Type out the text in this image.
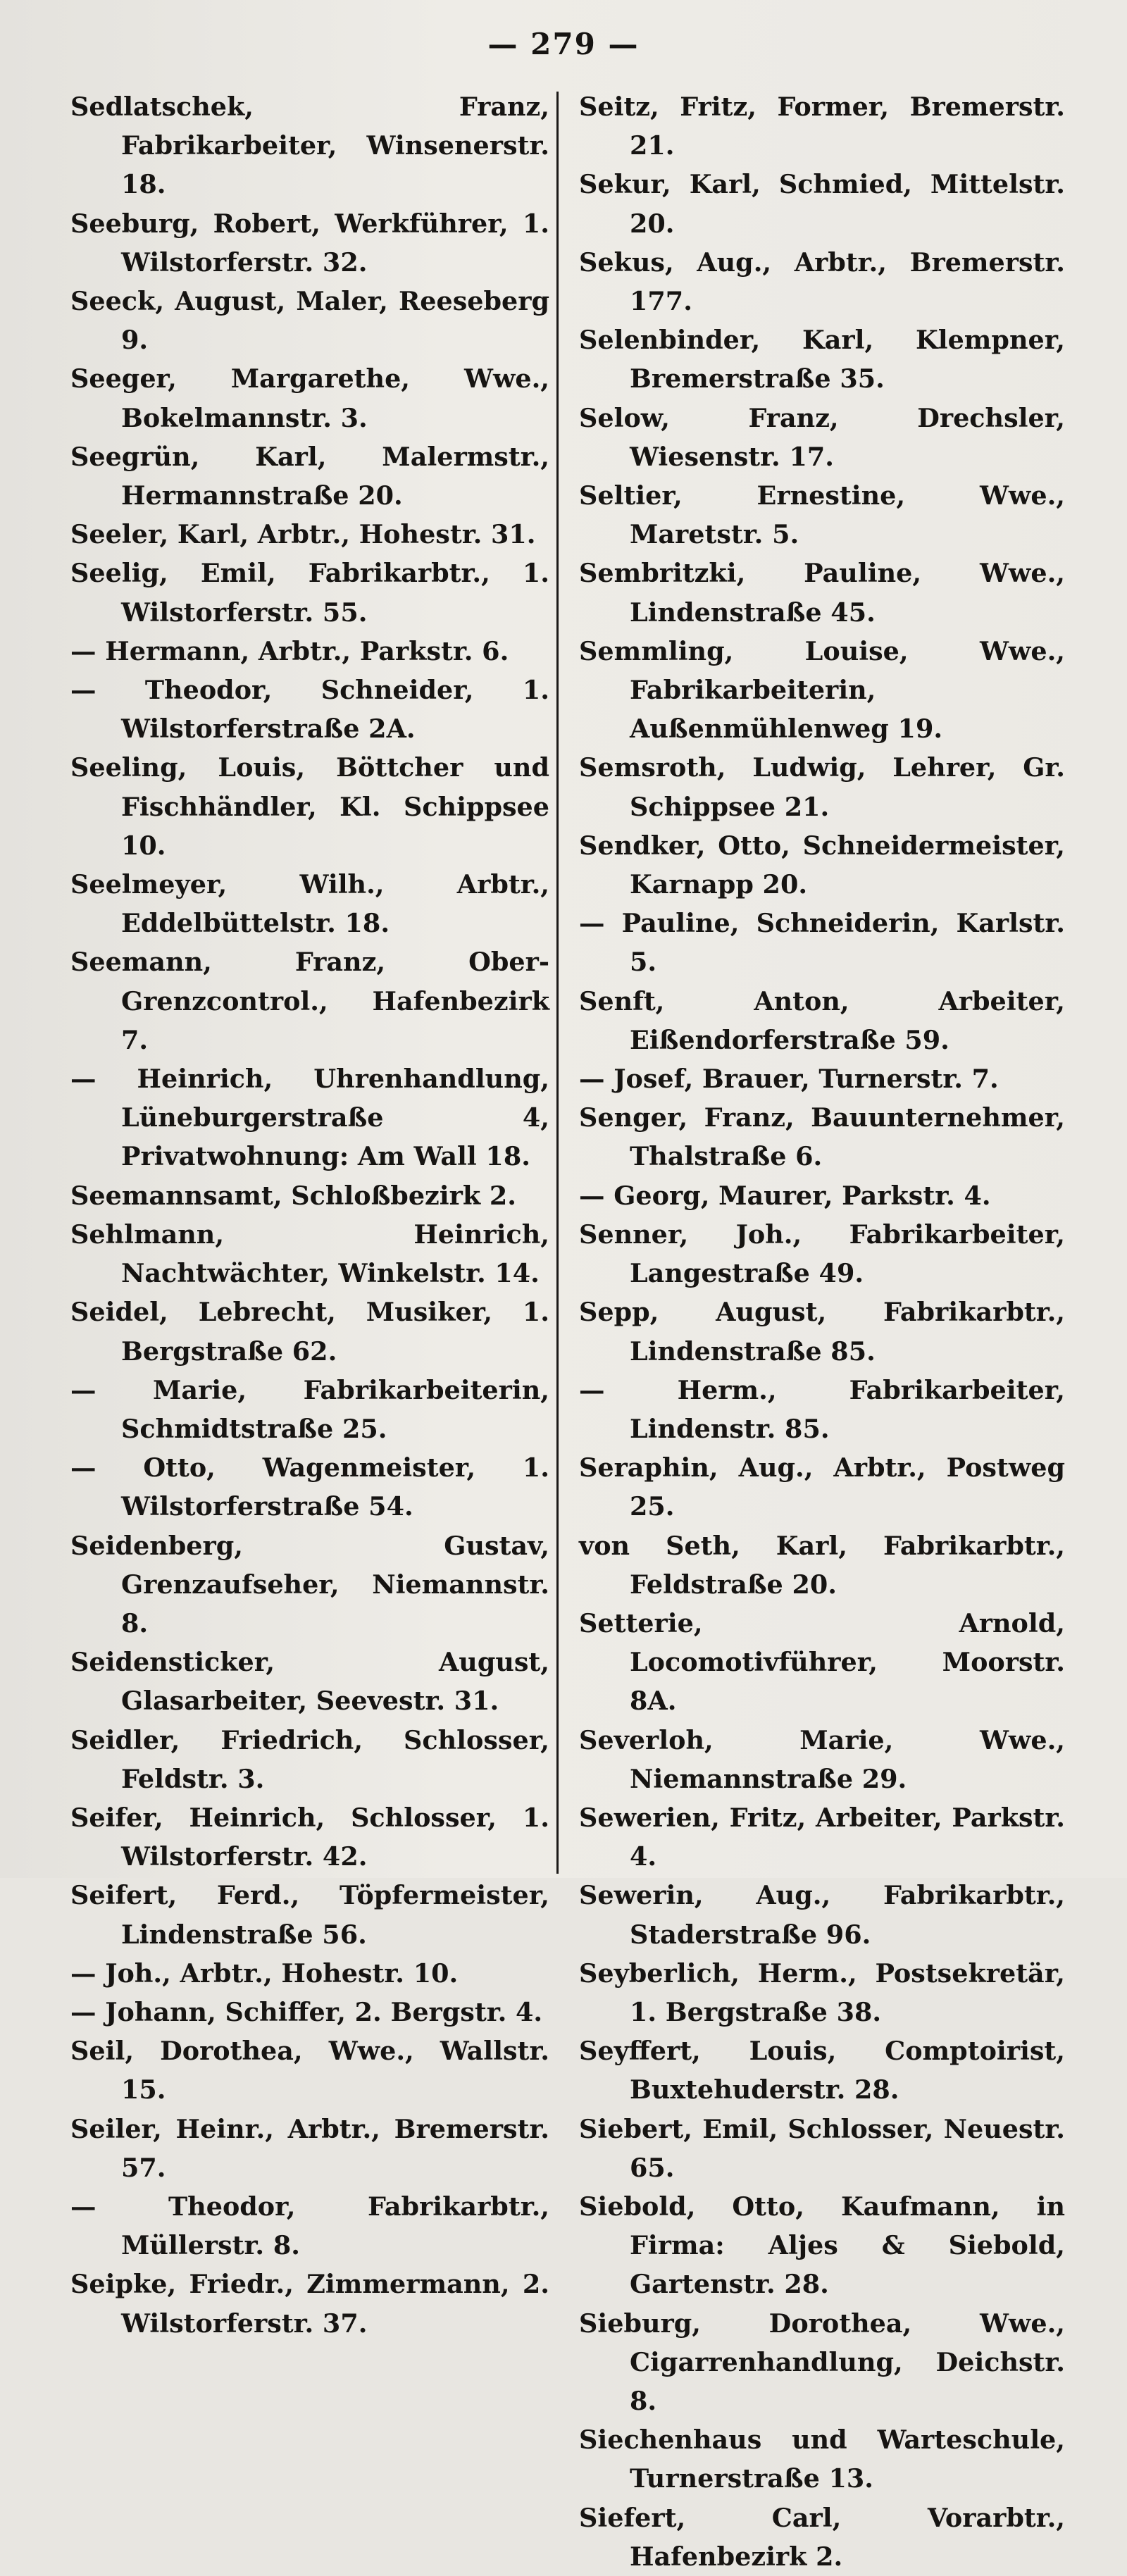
— 279 —
Sedlatschek, Franz, Fabrikarbeiter, Winsenerstr. 18.
Seeburg, Robert, Werkführer, 1. Wilstorferstr. 32.
Seeck, August, Maler, Reeseberg 9.
Seeger, Margarethe, Wwe., Bokelmannstr. 3.
Seegrün, Karl, Malermstr., Hermannstraße 20.
Seeler, Karl, Arbtr., Hohestr. 31.
Seelig, Emil, Fabrikarbtr., 1. Wilstorferstr. 55.
— Hermann, Arbtr., Parkstr. 6.
— Theodor, Schneider, 1. Wilstorferstraße 2A.
Seeling, Louis, Böttcher und Fischhändler, Kl. Schippsee 10.
Seelmeyer, Wilh., Arbtr., Eddelbüttelstr. 18.
Seemann, Franz, Ober-Grenzcontrol., Hafenbezirk 7.
— Heinrich, Uhrenhandlung, Lüneburgerstraße 4, Privatwohnung: Am Wall 18.
Seemannsamt, Schloßbezirk 2.
Sehlmann, Heinrich, Nachtwächter, Winkelstr. 14.
Seidel, Lebrecht, Musiker, 1. Bergstraße 62.
— Marie, Fabrikarbeiterin, Schmidtstraße 25.
— Otto, Wagenmeister, 1. Wilstorferstraße 54.
Seidenberg, Gustav, Grenzaufseher, Niemannstr. 8.
Seidensticker, August, Glasarbeiter, Seevestr. 31.
Seidler, Friedrich, Schlosser, Feldstr. 3.
Seifer, Heinrich, Schlosser, 1. Wilstorferstr. 42.
Seifert, Ferd., Töpfermeister, Lindenstraße 56.
— Joh., Arbtr., Hohestr. 10.
— Johann, Schiffer, 2. Bergstr. 4.
Seil, Dorothea, Wwe., Wallstr. 15.
Seiler, Heinr., Arbtr., Bremerstr. 57.
— Theodor, Fabrikarbtr., Müllerstr. 8.
Seipke, Friedr., Zimmermann, 2. Wilstorferstr. 37.
Seitz, Fritz, Former, Bremerstr. 21.
Sekur, Karl, Schmied, Mittelstr. 20.
Sekus, Aug., Arbtr., Bremerstr. 177.
Selenbinder, Karl, Klempner, Bremerstraße 35.
Selow, Franz, Drechsler, Wiesenstr. 17.
Seltier, Ernestine, Wwe., Maretstr. 5.
Sembritzki, Pauline, Wwe., Lindenstraße 45.
Semmling, Louise, Wwe., Fabrikarbeiterin, Außenmühlenweg 19.
Semsroth, Ludwig, Lehrer, Gr. Schippsee 21.
Sendker, Otto, Schneidermeister, Karnapp 20.
— Pauline, Schneiderin, Karlstr. 5.
Senft, Anton, Arbeiter, Eißendorferstraße 59.
— Josef, Brauer, Turnerstr. 7.
Senger, Franz, Bauunternehmer, Thalstraße 6.
— Georg, Maurer, Parkstr. 4.
Senner, Joh., Fabrikarbeiter, Langestraße 49.
Sepp, August, Fabrikarbtr., Lindenstraße 85.
— Herm., Fabrikarbeiter, Lindenstr. 85.
Seraphin, Aug., Arbtr., Postweg 25.
von Seth, Karl, Fabrikarbtr., Feldstraße 20.
Setterie, Arnold, Locomotivführer, Moorstr. 8A.
Severloh, Marie, Wwe., Niemannstraße 29.
Sewerien, Fritz, Arbeiter, Parkstr. 4.
Sewerin, Aug., Fabrikarbtr., Staderstraße 96.
Seyberlich, Herm., Postsekretär, 1. Bergstraße 38.
Seyffert, Louis, Comptoirist, Buxtehuderstr. 28.
Siebert, Emil, Schlosser, Neuestr. 65.
Siebold, Otto, Kaufmann, in Firma: Aljes & Siebold, Gartenstr. 28.
Sieburg, Dorothea, Wwe., Cigarrenhandlung, Deichstr. 8.
Siechenhaus und Warteschule, Turnerstraße 13.
Siefert, Carl, Vorarbtr., Hafenbezirk 2.
